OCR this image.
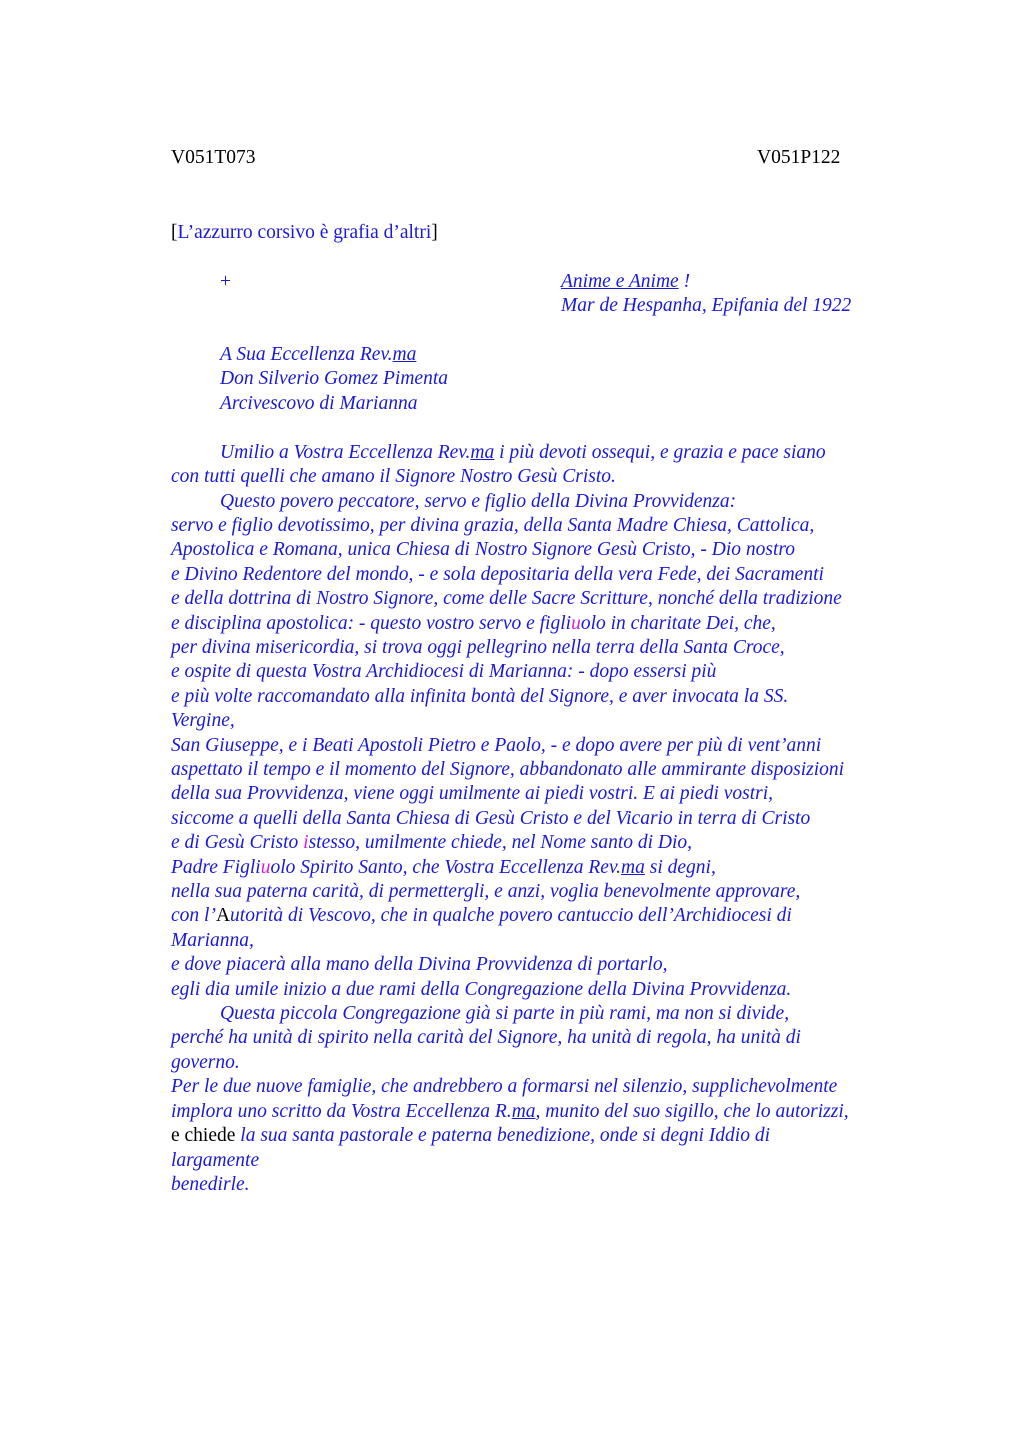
V051T073	V051P122
[L’azzurro corsivo è grafia d’altri]
+	Anime e Anime !
Mar de Hespanha, Epifania del 1922
A Sua Eccellenza Rev.ma
Don Silverio Gomez Pimenta
Arcivescovo di Marianna
Umilio a Vostra Eccellenza Rev.ma i più devoti ossequi, e grazia e pace siano
con tutti quelli che amano il Signore Nostro Gesù Cristo.
Questo povero peccatore, servo e figlio della Divina Provvidenza:
servo e figlio devotissimo, per divina grazia, della Santa Madre Chiesa, Cattolica,
Apostolica e Romana, unica Chiesa di Nostro Signore Gesù Cristo, - Dio nostro
e Divino Redentore del mondo, - e sola depositaria della vera Fede, dei Sacramenti
e della dottrina di Nostro Signore, come delle Sacre Scritture, nonché della tradizione
e disciplina apostolica: - questo vostro servo e figliuolo in charitate Dei, che,
per divina misericordia, si trova oggi pellegrino nella terra della Santa Croce,
e ospite di questa Vostra Archidiocesi di Marianna: - dopo essersi più
e più volte raccomandato alla infinita bontà del Signore, e aver invocata la SS.
Vergine,
San Giuseppe, e i Beati Apostoli Pietro e Paolo, - e dopo avere per più di vent’anni
aspettato il tempo e il momento del Signore, abbandonato alle ammirante disposizioni
della sua Provvidenza, viene oggi umilmente ai piedi vostri. E ai piedi vostri,
siccome a quelli della Santa Chiesa di Gesù Cristo e del Vicario in terra di Cristo
e di Gesù Cristo istesso, umilmente chiede, nel Nome santo di Dio,
Padre Figliuolo Spirito Santo, che Vostra Eccellenza Rev.ma si degni,
nella sua paterna carità, di permettergli, e anzi, voglia benevolmente approvare,
con l’Autorità di Vescovo, che in qualche povero cantuccio dell’Archidiocesi di
Marianna,
e dove piacerà alla mano della Divina Provvidenza di portarlo,
egli dia umile inizio a due rami della Congregazione della Divina Provvidenza.
Questa piccola Congregazione già si parte in più rami, ma non si divide,
perché ha unità di spirito nella carità del Signore, ha unità di regola, ha unità di
governo.
Per le due nuove famiglie, che andrebbero a formarsi nel silenzio, supplichevolmente
implora uno scritto da Vostra Eccellenza R.ma, munito del suo sigillo, che lo autorizzi,
e chiede la sua santa pastorale e paterna benedizione, onde si degni Iddio di
largamente
benedirle.
